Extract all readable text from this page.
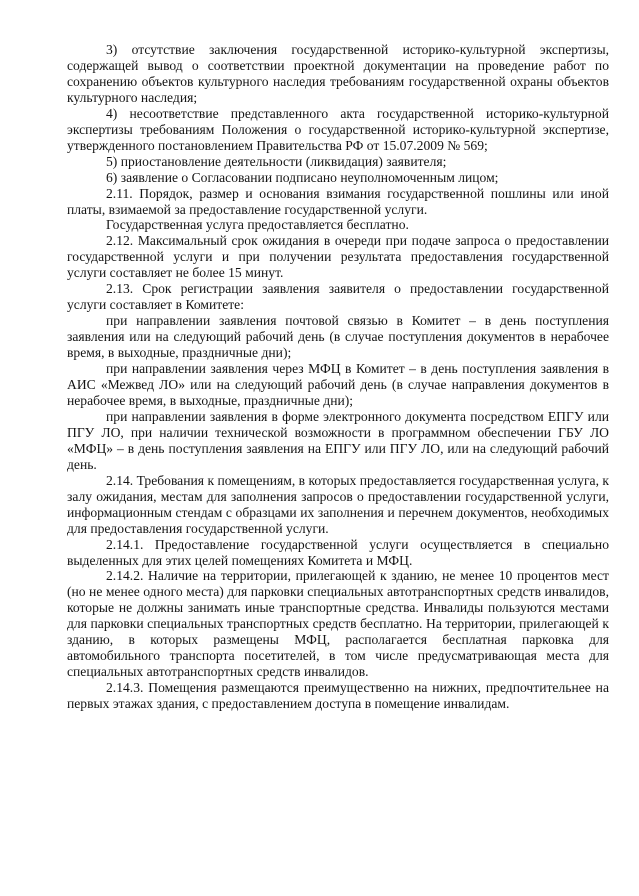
3) отсутствие заключения государственной историко-культурной экспертизы, содержащей вывод о соответствии проектной документации на проведение работ по сохранению объектов культурного наследия требованиям государственной охраны объектов культурного наследия;

4) несоответствие представленного акта государственной историко-культурной экспертизы требованиям Положения о государственной историко-культурной экспертизе, утвержденного постановлением Правительства РФ от 15.07.2009 № 569;

5) приостановление деятельности (ликвидация) заявителя;

6) заявление о Согласовании подписано неуполномоченным лицом;

2.11. Порядок, размер и основания взимания государственной пошлины или иной платы, взимаемой за предоставление государственной услуги.

Государственная услуга предоставляется бесплатно.

2.12. Максимальный срок ожидания в очереди при подаче запроса о предоставлении государственной услуги и при получении результата предоставления государственной услуги составляет не более 15 минут.

2.13. Срок регистрации заявления заявителя о предоставлении государственной услуги составляет в Комитете:

при направлении заявления почтовой связью в Комитет – в день поступления заявления или на следующий рабочий день (в случае поступления документов в нерабочее время, в выходные, праздничные дни);

при направлении заявления через МФЦ в Комитет – в день поступления заявления в АИС «Межвед ЛО» или на следующий рабочий день (в случае направления документов в нерабочее время, в выходные, праздничные дни);

при направлении заявления в форме электронного документа посредством ЕПГУ или ПГУ ЛО, при наличии технической возможности в программном обеспечении ГБУ ЛО «МФЦ» – в день поступления заявления на ЕПГУ или ПГУ ЛО, или на следующий рабочий день.

2.14. Требования к помещениям, в которых предоставляется государственная услуга, к залу ожидания, местам для заполнения запросов о предоставлении государственной услуги, информационным стендам с образцами их заполнения и перечнем документов, необходимых для предоставления государственной услуги.

2.14.1. Предоставление государственной услуги осуществляется в специально выделенных для этих целей помещениях Комитета и МФЦ.

2.14.2. Наличие на территории, прилегающей к зданию, не менее 10 процентов мест (но не менее одного места) для парковки специальных автотранспортных средств инвалидов, которые не должны занимать иные транспортные средства. Инвалиды пользуются местами для парковки специальных транспортных средств бесплатно. На территории, прилегающей к зданию, в которых размещены МФЦ, располагается бесплатная парковка для автомобильного транспорта посетителей, в том числе предусматривающая места для специальных автотранспортных средств инвалидов.

2.14.3. Помещения размещаются преимущественно на нижних, предпочтительнее на первых этажах здания, с предоставлением доступа в помещение инвалидам.
